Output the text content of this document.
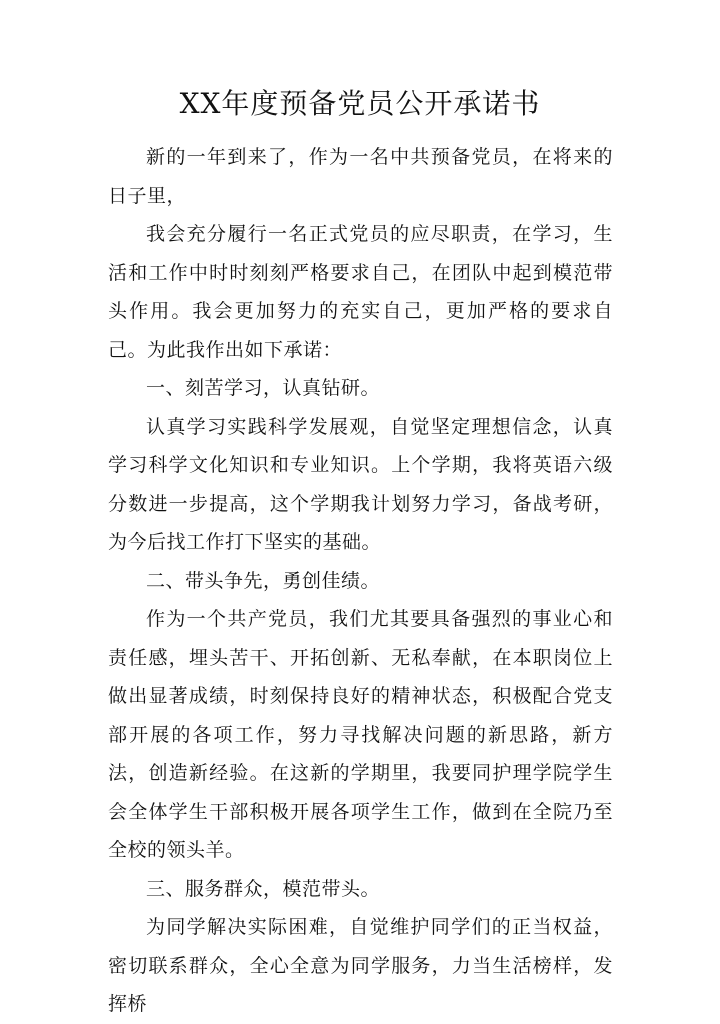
XX年度预备党员公开承诺书

新的一年到来了，作为一名中共预备党员，在将来的日子里，

我会充分履行一名正式党员的应尽职责，在学习，生活和工作中时时刻刻严格要求自己，在团队中起到模范带头作用。我会更加努力的充实自己，更加严格的要求自己。为此我作出如下承诺：

一、刻苦学习，认真钻研。

认真学习实践科学发展观，自觉坚定理想信念，认真学习科学文化知识和专业知识。上个学期，我将英语六级分数进一步提高，这个学期我计划努力学习，备战考研，为今后找工作打下坚实的基础。

二、带头争先，勇创佳绩。

作为一个共产党员，我们尤其要具备强烈的事业心和责任感，埋头苦干、开拓创新、无私奉献，在本职岗位上做出显著成绩，时刻保持良好的精神状态，积极配合党支部开展的各项工作，努力寻找解决问题的新思路，新方法，创造新经验。在这新的学期里，我要同护理学院学生会全体学生干部积极开展各项学生工作，做到在全院乃至全校的领头羊。

三、服务群众，模范带头。

为同学解决实际困难，自觉维护同学们的正当权益，密切联系群众，全心全意为同学服务，力当生活榜样，发挥桥
